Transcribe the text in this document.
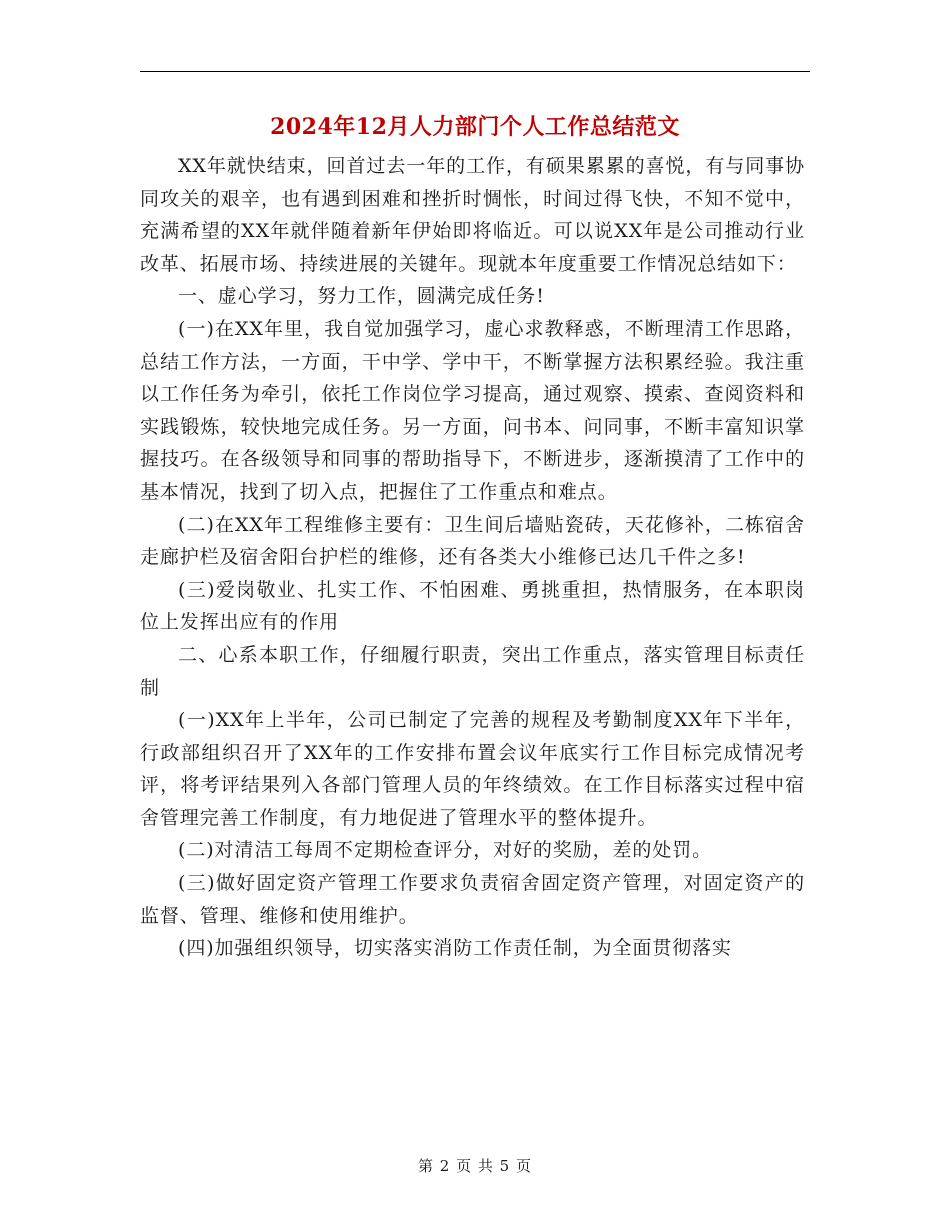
2024年12月人力部门个人工作总结范文

XX年就快结束，回首过去一年的工作，有硕果累累的喜悦，有与同事协同攻关的艰辛，也有遇到困难和挫折时惆怅，时间过得飞快，不知不觉中，充满希望的XX年就伴随着新年伊始即将临近。可以说XX年是公司推动行业改革、拓展市场、持续进展的关键年。现就本年度重要工作情况总结如下：

一、虚心学习，努力工作，圆满完成任务!

(一)在XX年里，我自觉加强学习，虚心求教释惑，不断理清工作思路，总结工作方法，一方面，干中学、学中干，不断掌握方法积累经验。我注重以工作任务为牵引，依托工作岗位学习提高，通过观察、摸索、查阅资料和实践锻炼，较快地完成任务。另一方面，问书本、问同事，不断丰富知识掌握技巧。在各级领导和同事的帮助指导下，不断进步，逐渐摸清了工作中的基本情况，找到了切入点，把握住了工作重点和难点。

(二)在XX年工程维修主要有：卫生间后墙贴瓷砖，天花修补，二栋宿舍走廊护栏及宿舍阳台护栏的维修，还有各类大小维修已达几千件之多!

(三)爱岗敬业、扎实工作、不怕困难、勇挑重担，热情服务，在本职岗位上发挥出应有的作用

二、心系本职工作，仔细履行职责，突出工作重点，落实管理目标责任制

(一)XX年上半年，公司已制定了完善的规程及考勤制度XX年下半年，行政部组织召开了XX年的工作安排布置会议年底实行工作目标完成情况考评，将考评结果列入各部门管理人员的年终绩效。在工作目标落实过程中宿舍管理完善工作制度，有力地促进了管理水平的整体提升。

(二)对清洁工每周不定期检查评分，对好的奖励，差的处罚。

(三)做好固定资产管理工作要求负责宿舍固定资产管理，对固定资产的监督、管理、维修和使用维护。

(四)加强组织领导，切实落实消防工作责任制，为全面贯彻落实

第 2 页 共 5 页
